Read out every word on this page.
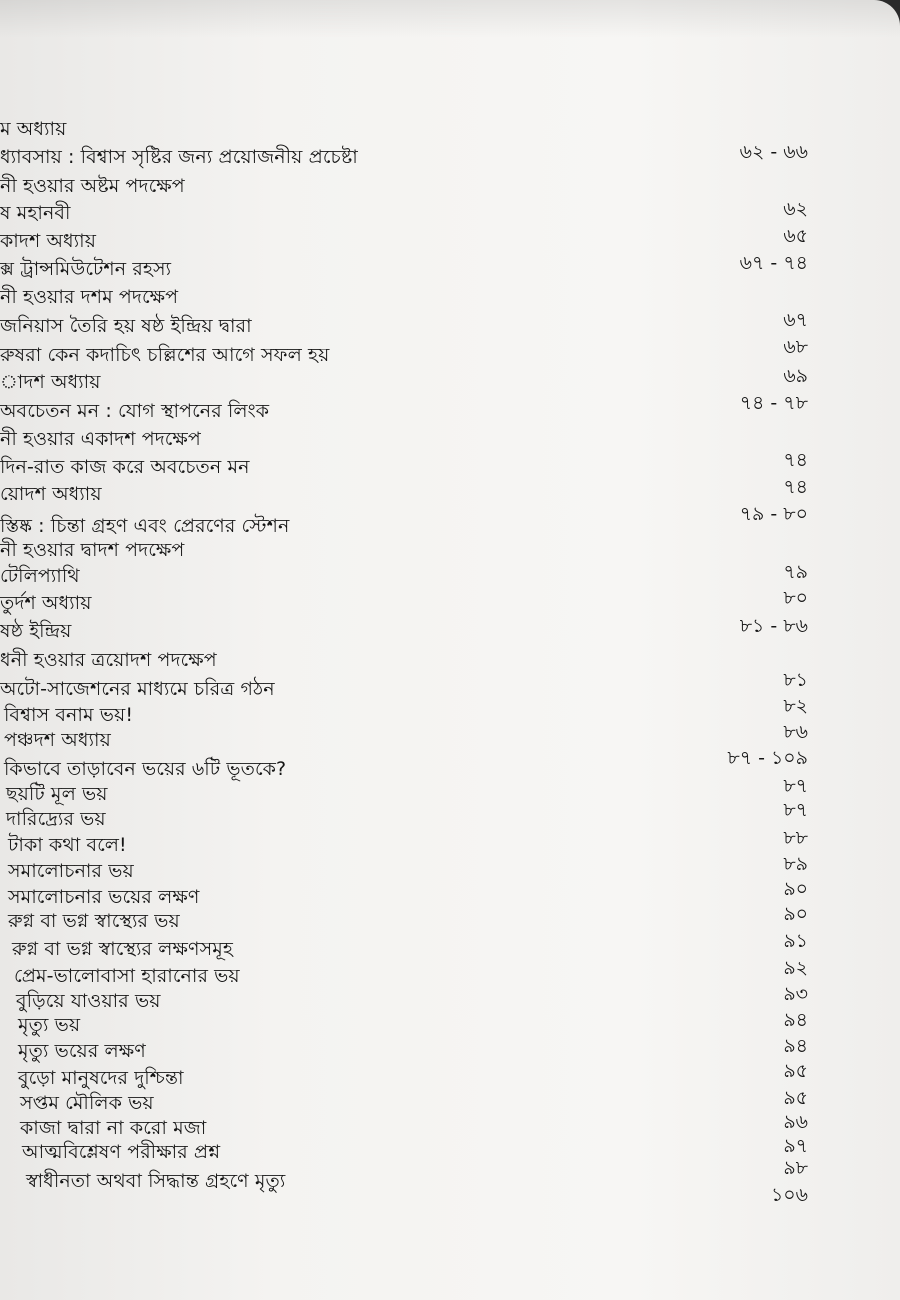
ম অধ্যায়
ধ্যাবসায় : বিশ্বাস সৃষ্টির জন্য প্রয়োজনীয় প্রচেষ্টা
নী হওয়ার অষ্টম পদক্ষেপ
ষ মহানবী
কাদশ অধ্যায়
ক্স ট্রান্সমিউটেশন রহস্য
নী হওয়ার দশম পদক্ষেপ
জনিয়াস তৈরি হয় ষষ্ঠ ইন্দ্রিয় দ্বারা
রুষরা কেন কদাচিৎ চল্লিশের আগে সফল হয়
াদশ অধ্যায়
অবচেতন মন : যোগ স্থাপনের লিংক
নী হওয়ার একাদশ পদক্ষেপ
দিন-রাত কাজ করে অবচেতন মন
য়োদশ অধ্যায়
স্তিষ্ক : চিন্তা গ্রহণ এবং প্রেরণের স্টেশন
নী হওয়ার দ্বাদশ পদক্ষেপ
টেলিপ্যাথি
তুর্দশ অধ্যায়
ষষ্ঠ ইন্দ্রিয়
ধনী হওয়ার ত্রয়োদশ পদক্ষেপ
অটো-সাজেশনের মাধ্যমে চরিত্র গঠন
বিশ্বাস বনাম ভয়!
পঞ্চদশ অধ্যায়
কিভাবে তাড়াবেন ভয়ের ৬টি ভূতকে?
ছয়টি মূল ভয়
দারিদ্র্যের ভয়
টাকা কথা বলে!
সমালোচনার ভয়
সমালোচনার ভয়ের লক্ষণ
রুগ্ন বা ভগ্ন স্বাস্থ্যের ভয়
রুগ্ন বা ভগ্ন স্বাস্থ্যের লক্ষণসমূহ
প্রেম-ভালোবাসা হারানোর ভয়
বুড়িয়ে যাওয়ার ভয়
মৃত্যু ভয়
মৃত্যু ভয়ের লক্ষণ
বুড়ো মানুষদের দুশ্চিন্তা
সপ্তম মৌলিক ভয়
কাজা দ্বারা না করো মজা
আত্মবিশ্লেষণ পরীক্ষার প্রশ্ন
স্বাধীনতা অথবা সিদ্ধান্ত গ্রহণে মৃত্যু
৬২ - ৬৬
৬২
৬৫
৬৭ - ৭৪
৬৭
৬৮
৬৯
৭৪ - ৭৮
৭৪
৭৪
৭৯ - ৮০
৭৯
৮০
৮১ - ৮৬
৮১
৮২
৮৬
৮৭ - ১০৯
৮৭
৮৭
৮৮
৮৯
৯০
৯০
৯১
৯২
৯৩
৯৪
৯৪
৯৫
৯৫
৯৬
৯৭
৯৮
১০৬
